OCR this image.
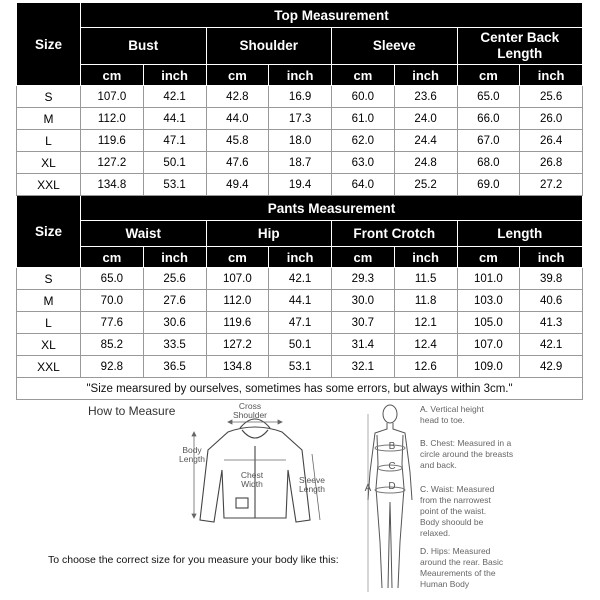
Size	Top Measurement							
	Bust		Shoulder		Sleeve		Center Back Length	
	cm	inch	cm	inch	cm	inch	cm	inch
S	107.0	42.1	42.8	16.9	60.0	23.6	65.0	25.6
M	112.0	44.1	44.0	17.3	61.0	24.0	66.0	26.0
L	119.6	47.1	45.8	18.0	62.0	24.4	67.0	26.4
XL	127.2	50.1	47.6	18.7	63.0	24.8	68.0	26.8
XXL	134.8	53.1	49.4	19.4	64.0	25.2	69.0	27.2
Size	Pants Measurement							
	Waist		Hip		Front Crotch		Length	
	cm	inch	cm	inch	cm	inch	cm	inch
S	65.0	25.6	107.0	42.1	29.3	11.5	101.0	39.8
M	70.0	27.6	112.0	44.1	30.0	11.8	103.0	40.6
L	77.6	30.6	119.6	47.1	30.7	12.1	105.0	41.3
XL	85.2	33.5	127.2	50.1	31.4	12.4	107.0	42.1
XXL	92.8	36.5	134.8	53.1	32.1	12.6	109.0	42.9
"Size mearsured by ourselves, sometimes has some errors, but always within 3cm."								
How to Measure	Cross Shoulder
Body Length
Chest Width	Sleeve Length	A
B
C
D
A. Vertical height head to toe.
B. Chest: Measured in a circle around the breasts and back.
C. Waist: Measured from the narrowest point of the waist. Body shoould be relaxed.
D. Hips: Measured around the rear. Basic Meaurements of the Human Body
To choose the correct size for you measure your body like this:
